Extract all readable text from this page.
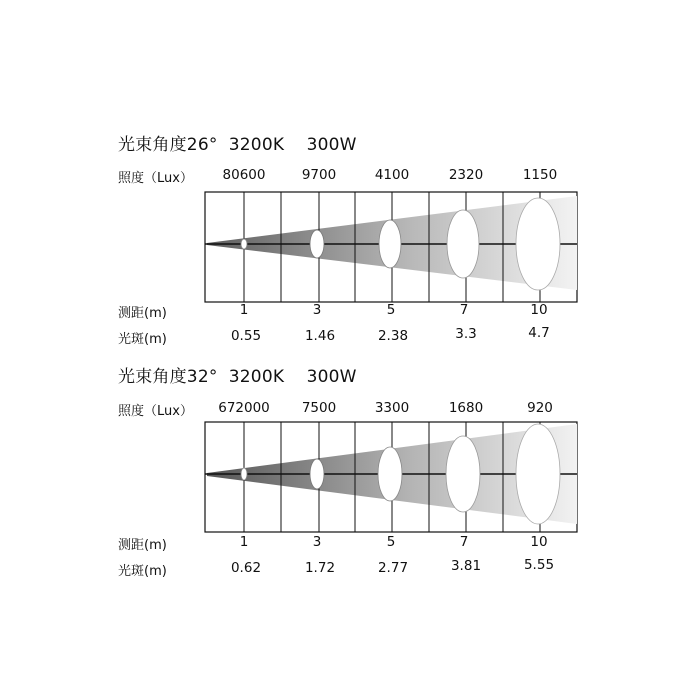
光束角度26° 3200K 300W
照度（Lux） 80600	9700	4100	2320	1150
测距(m)	1	3	5	7	10
光斑(m)	0.55	1.46	2.38	3.3	4.7
光束角度32° 3200K 300W
照度（Lux） 672000 7500	3300	1680	920
测距(m)	1	3	5	7	10
光斑(m)	0.62	1.72	2.77	3.81	5.55
